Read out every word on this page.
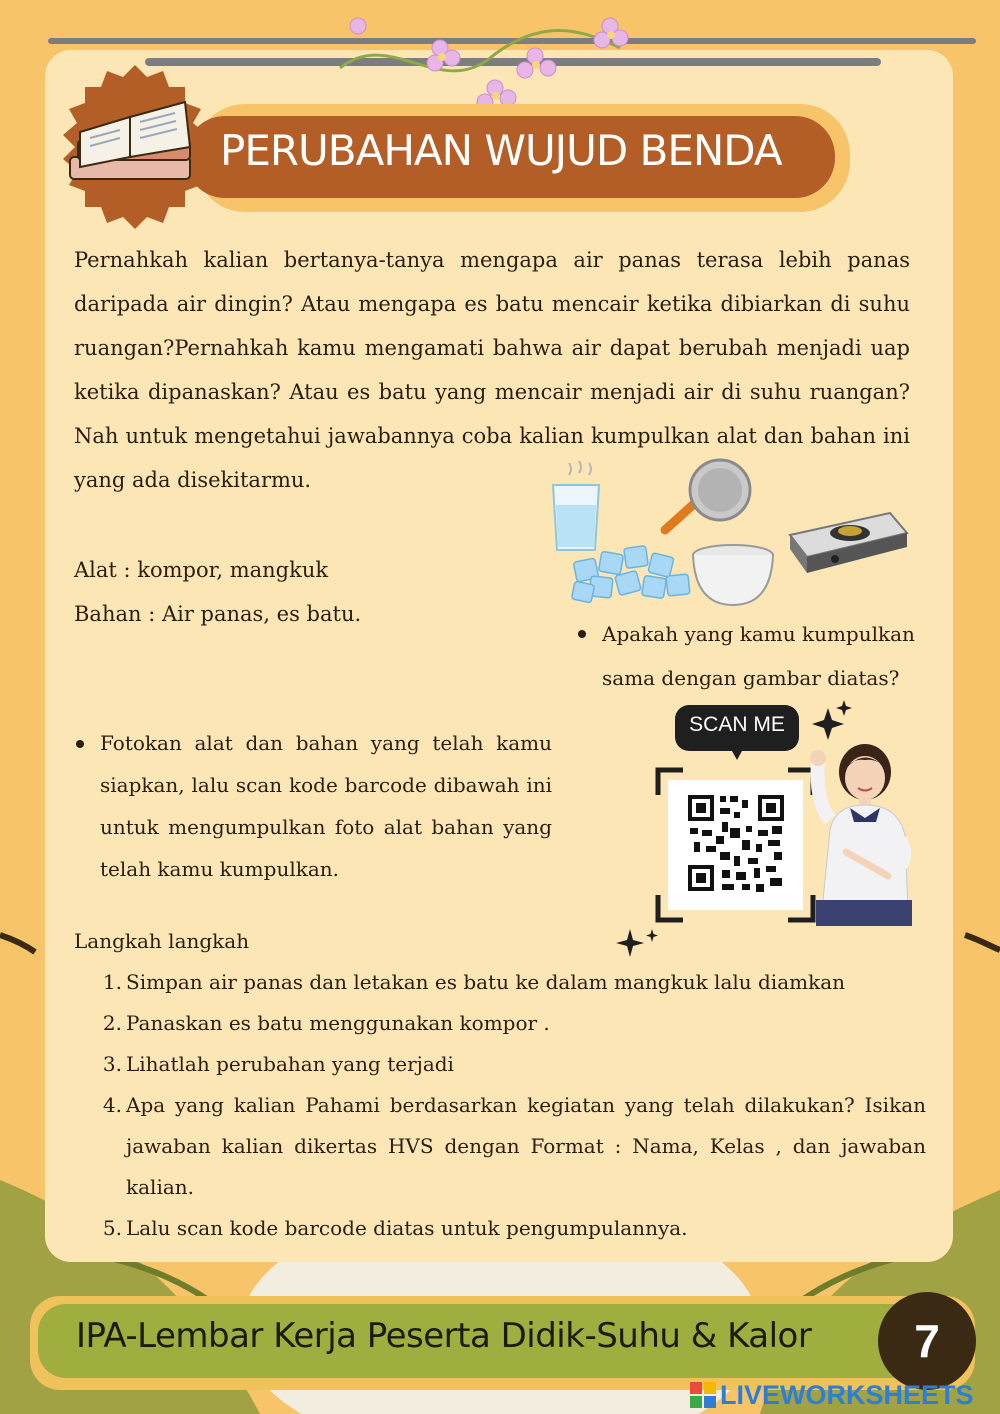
PERUBAHAN WUJUD BENDA

Pernahkah kalian bertanya-tanya mengapa air panas terasa lebih panas daripada air dingin? Atau mengapa es batu mencair ketika dibiarkan di suhu ruangan?Pernahkah kamu mengamati bahwa air dapat berubah menjadi uap ketika dipanaskan? Atau es batu yang mencair menjadi air di suhu ruangan? Nah untuk mengetahui jawabannya coba kalian kumpulkan alat dan bahan ini yang ada disekitarmu.

Alat : kompor, mangkuk
Bahan : Air panas, es batu.
Apakah yang kamu kumpulkan sama dengan gambar diatas?
Fotokan alat dan bahan yang telah kamu siapkan, lalu scan kode barcode dibawah ini untuk mengumpulkan foto alat bahan yang telah kamu kumpulkan.
SCAN ME
Langkah langkah
1. Simpan air panas dan letakan es batu ke dalam mangkuk lalu diamkan
2. Panaskan es batu menggunakan kompor .
3. Lihatlah perubahan yang terjadi
4. Apa yang kalian Pahami berdasarkan kegiatan yang telah dilakukan? Isikan jawaban kalian dikertas HVS dengan Format : Nama, Kelas , dan jawaban kalian.
5. Lalu scan kode barcode diatas untuk pengumpulannya.
IPA-Lembar Kerja Peserta Didik-Suhu & Kalor	7
LIVEWORKSHEETS
